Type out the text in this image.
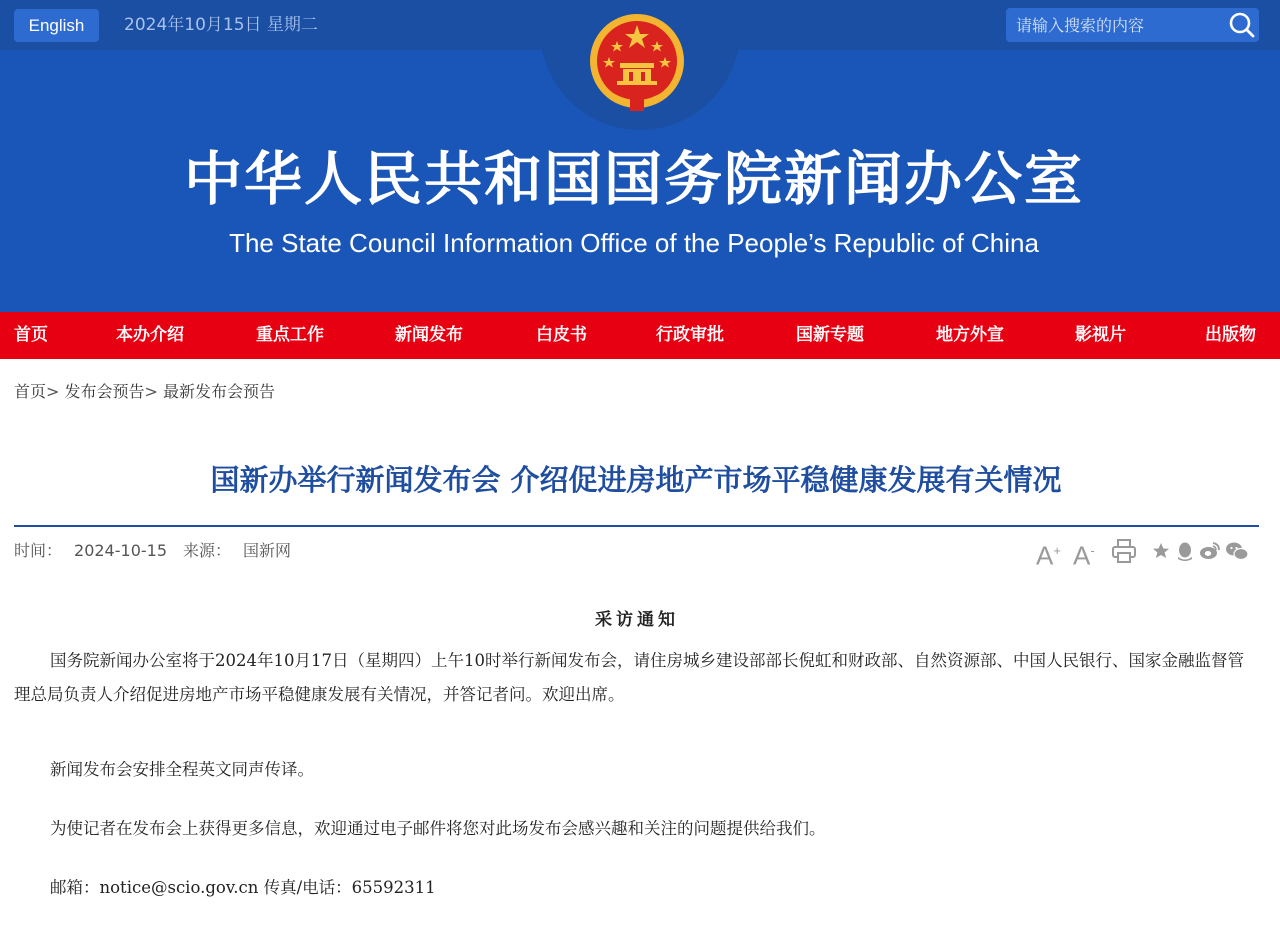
English	2024年10月15日 星期二
请输入搜索的内容
中华人民共和国国务院新闻办公室
The State Council Information Office of the People’s Republic of China
首页	本办介绍	重点工作	新闻发布	白皮书	行政审批	国新专题	地方外宣	影视片	出版物
首页> 发布会预告> 最新发布会预告
国新办举行新闻发布会 介绍促进房地产市场平稳健康发展有关情况
时间： 2024-10-15 来源： 国新网	A+ A-
采访通知

国务院新闻办公室将于2024年10月17日（星期四）上午10时举行新闻发布会，请住房城乡建设部部长倪虹和财政部、自然资源部、中国人民银行、国家金融监督管理总局负责人介绍促进房地产市场平稳健康发展有关情况，并答记者问。欢迎出席。

新闻发布会安排全程英文同声传译。

为使记者在发布会上获得更多信息，欢迎通过电子邮件将您对此场发布会感兴趣和关注的问题提供给我们。

邮箱：notice@scio.gov.cn 传真/电话：65592311
